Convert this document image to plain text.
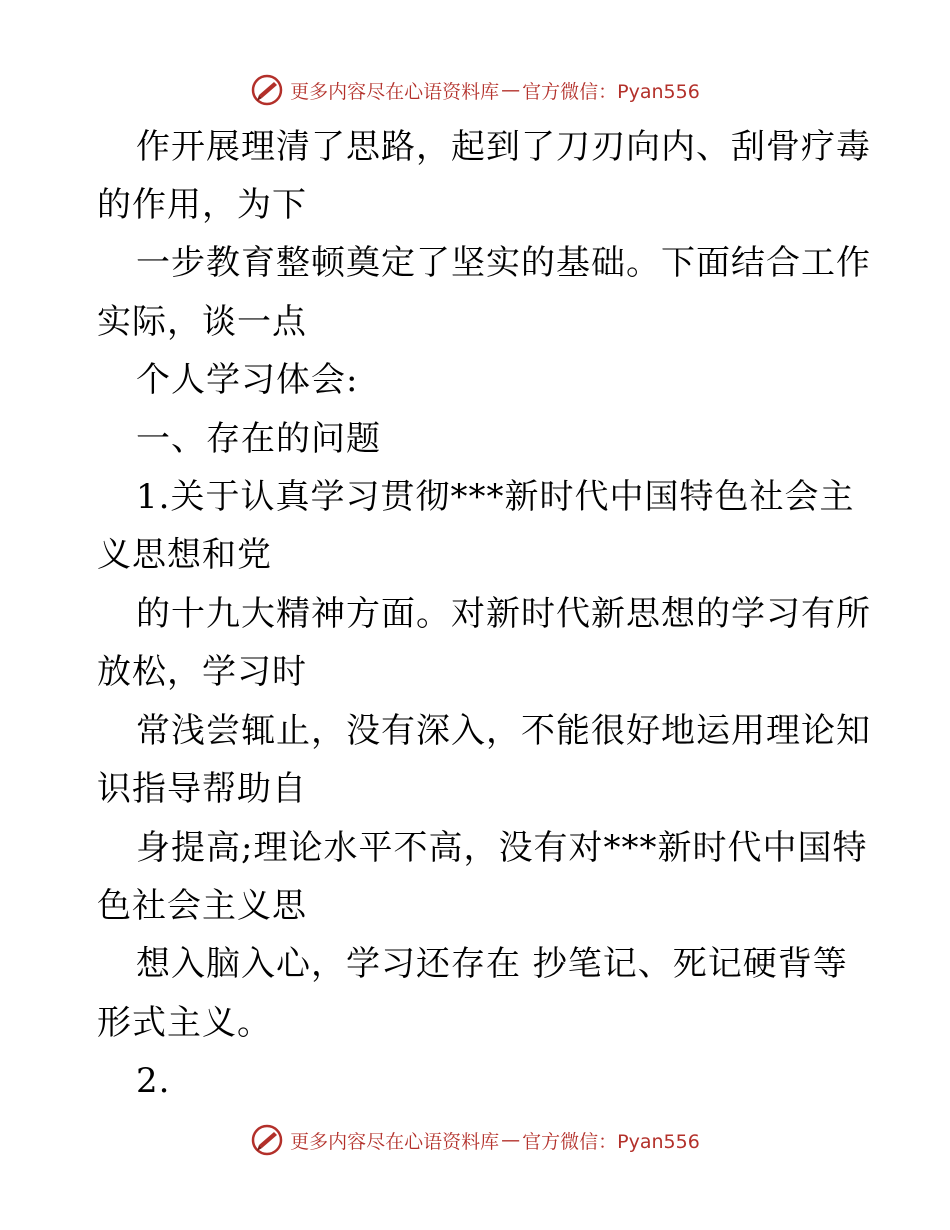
更多内容尽在心语资料库 — 官方微信：Pyan556
作开展理清了思路，起到了刀刃向内、刮骨疗毒
的作用，为下
一步教育整顿奠定了坚实的基础。下面结合工作
实际，谈一点
个人学习体会:
一、存在的问题
1.关于认真学习贯彻***新时代中国特色社会主
义思想和党
的十九大精神方面。对新时代新思想的学习有所
放松，学习时
常浅尝辄止，没有深入，不能很好地运用理论知
识指导帮助自
身提高;理论水平不高，没有对***新时代中国特
色社会主义思
想入脑入心，学习还存在 抄笔记、死记硬背等
形式主义。
2.
更多内容尽在心语资料库 — 官方微信：Pyan556
